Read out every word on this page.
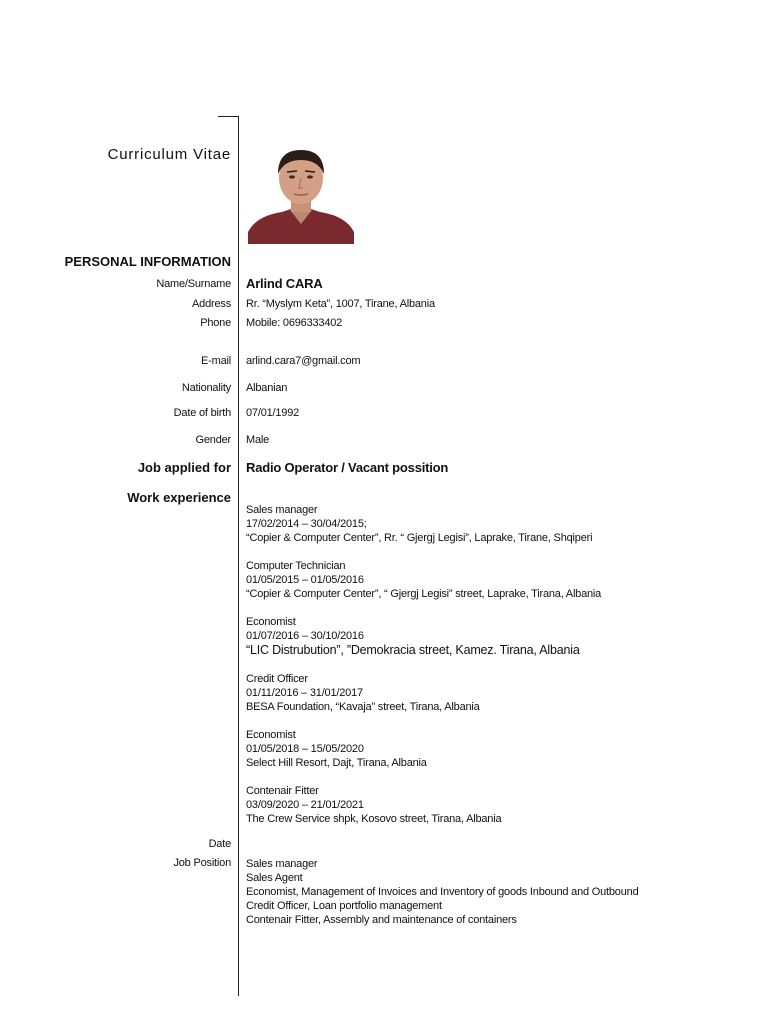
Curriculum Vitae
PERSONAL INFORMATION
Name/Surname Arlind CARA
Address Rr. “Myslym Keta”, 1007, Tirane, Albania
Phone Mobile: 0696333402
E-mail arlind.cara7@gmail.com
Nationality Albanian
Date of birth 07/01/1992
Gender Male
Job applied for Radio Operator / Vacant possition
Work experience
Sales manager
17/02/2014 – 30/04/2015;
“Copier & Computer Center”, Rr. “ Gjergj Legisi”, Laprake, Tirane, Shqiperi
Computer Technician
01/05/2015 – 01/05/2016
“Copier & Computer Center”, “ Gjergj Legisi” street, Laprake, Tirana, Albania
Economist
01/07/2016 – 30/10/2016
“LIC Distrubution”, ”Demokracia street, Kamez. Tirana, Albania
Credit Officer
01/11/2016 – 31/01/2017
BESA Foundation, “Kavaja” street, Tirana, Albania
Economist
01/05/2018 – 15/05/2020
Select Hill Resort, Dajt, Tirana, Albania
Contenair Fitter
03/09/2020 – 21/01/2021
The Crew Service shpk, Kosovo street, Tirana, Albania
Date
Job Position Sales manager
Sales Agent
Economist, Management of Invoices and Inventory of goods Inbound and Outbound
Credit Officer, Loan portfolio management
Contenair Fitter, Assembly and maintenance of containers
